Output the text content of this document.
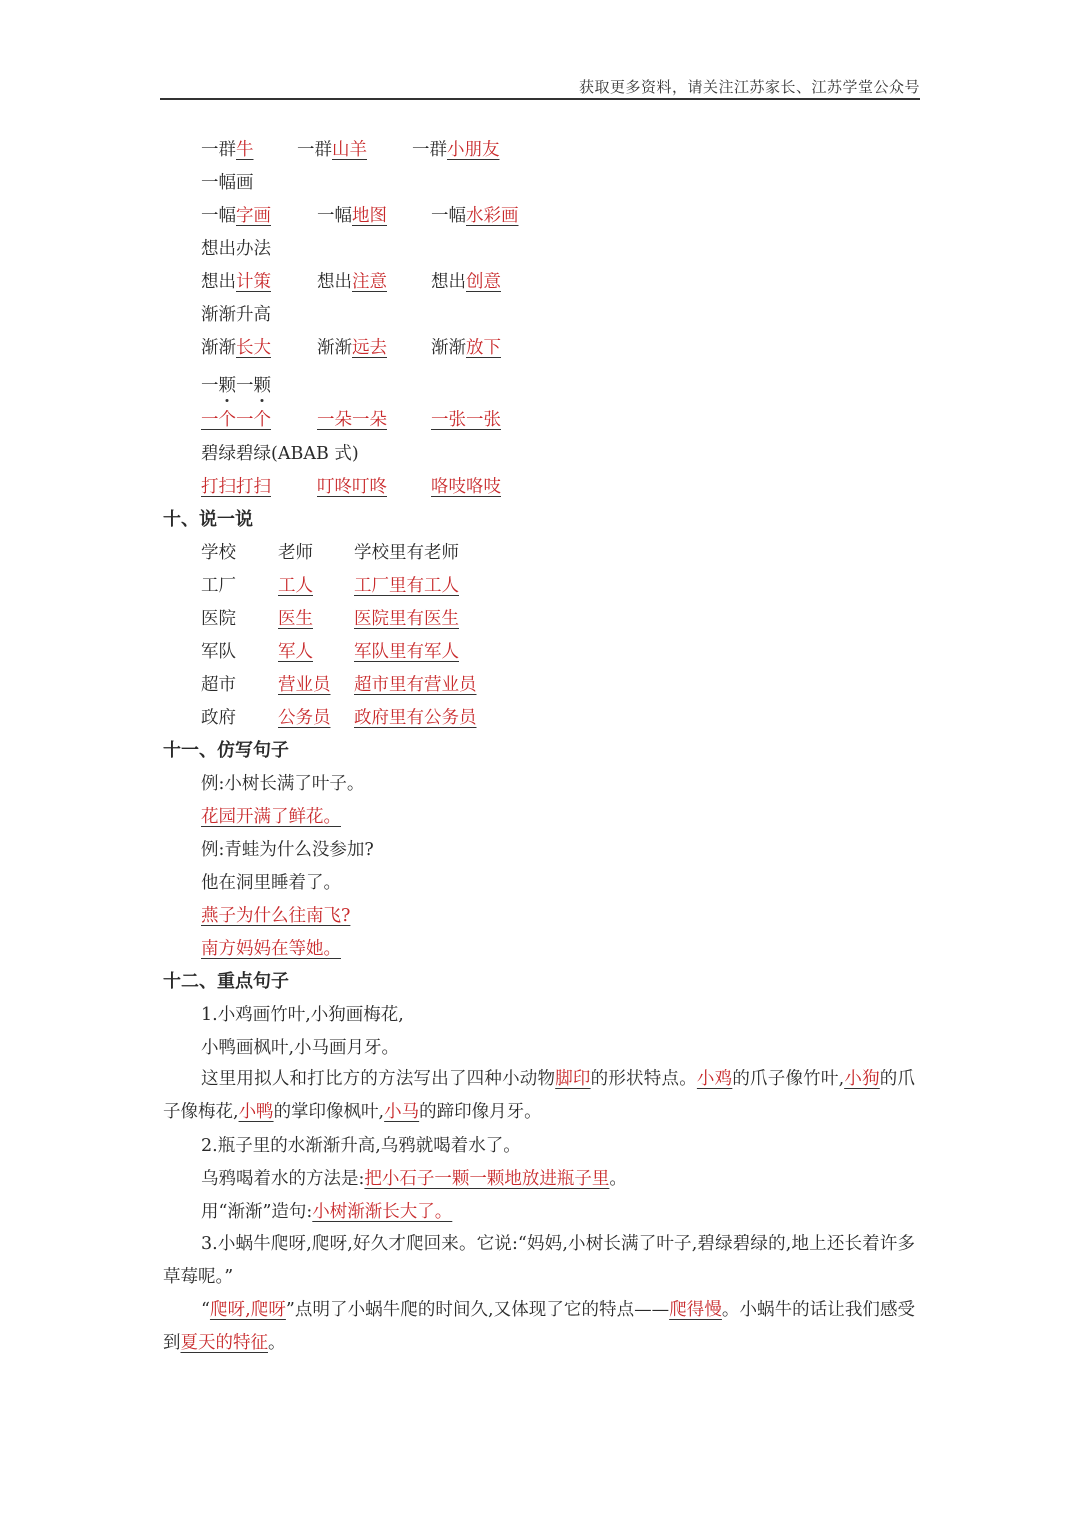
获取更多资料，请关注江苏家长、江苏学堂公众号
一群牛 一群山羊	一群小朋友
一幅画
一幅字画	一幅地图	一幅水彩画
想出办法
想出计策	想出注意	想出创意
渐渐升高
渐渐长大	渐渐远去	渐渐放下
一颗一颗
一个一个	一朵一朵	一张一张
碧绿碧绿(ABAB 式)
打扫打扫	叮咚叮咚	咯吱咯吱
十、说一说
学校 老师 学校里有老师
工厂 工人 工厂里有工人
医院 医生 医院里有医生
军队 军人 军队里有军人
超市 营业员 超市里有营业员
政府 公务员 政府里有公务员
十一、仿写句子
例:小树长满了叶子。
花园开满了鲜花。
例:青蛙为什么没参加?
他在洞里睡着了。
燕子为什么往南飞?
南方妈妈在等她。
十二、重点句子
1.小鸡画竹叶,小狗画梅花,
小鸭画枫叶,小马画月牙。
这里用拟人和打比方的方法写出了四种小动物脚印的形状特点。小鸡的爪子像竹叶,小狗的爪子像梅花,小鸭的掌印像枫叶,小马的蹄印像月牙。
2.瓶子里的水渐渐升高,乌鸦就喝着水了。
乌鸦喝着水的方法是:把小石子一颗一颗地放进瓶子里。
用“渐渐”造句:小树渐渐长大了。
3.小蜗牛爬呀,爬呀,好久才爬回来。它说:“妈妈,小树长满了叶子,碧绿碧绿的,地上还长着许多草莓呢。”
“爬呀,爬呀”点明了小蜗牛爬的时间久,又体现了它的特点——爬得慢。小蜗牛的话让我们感受到夏天的特征。
